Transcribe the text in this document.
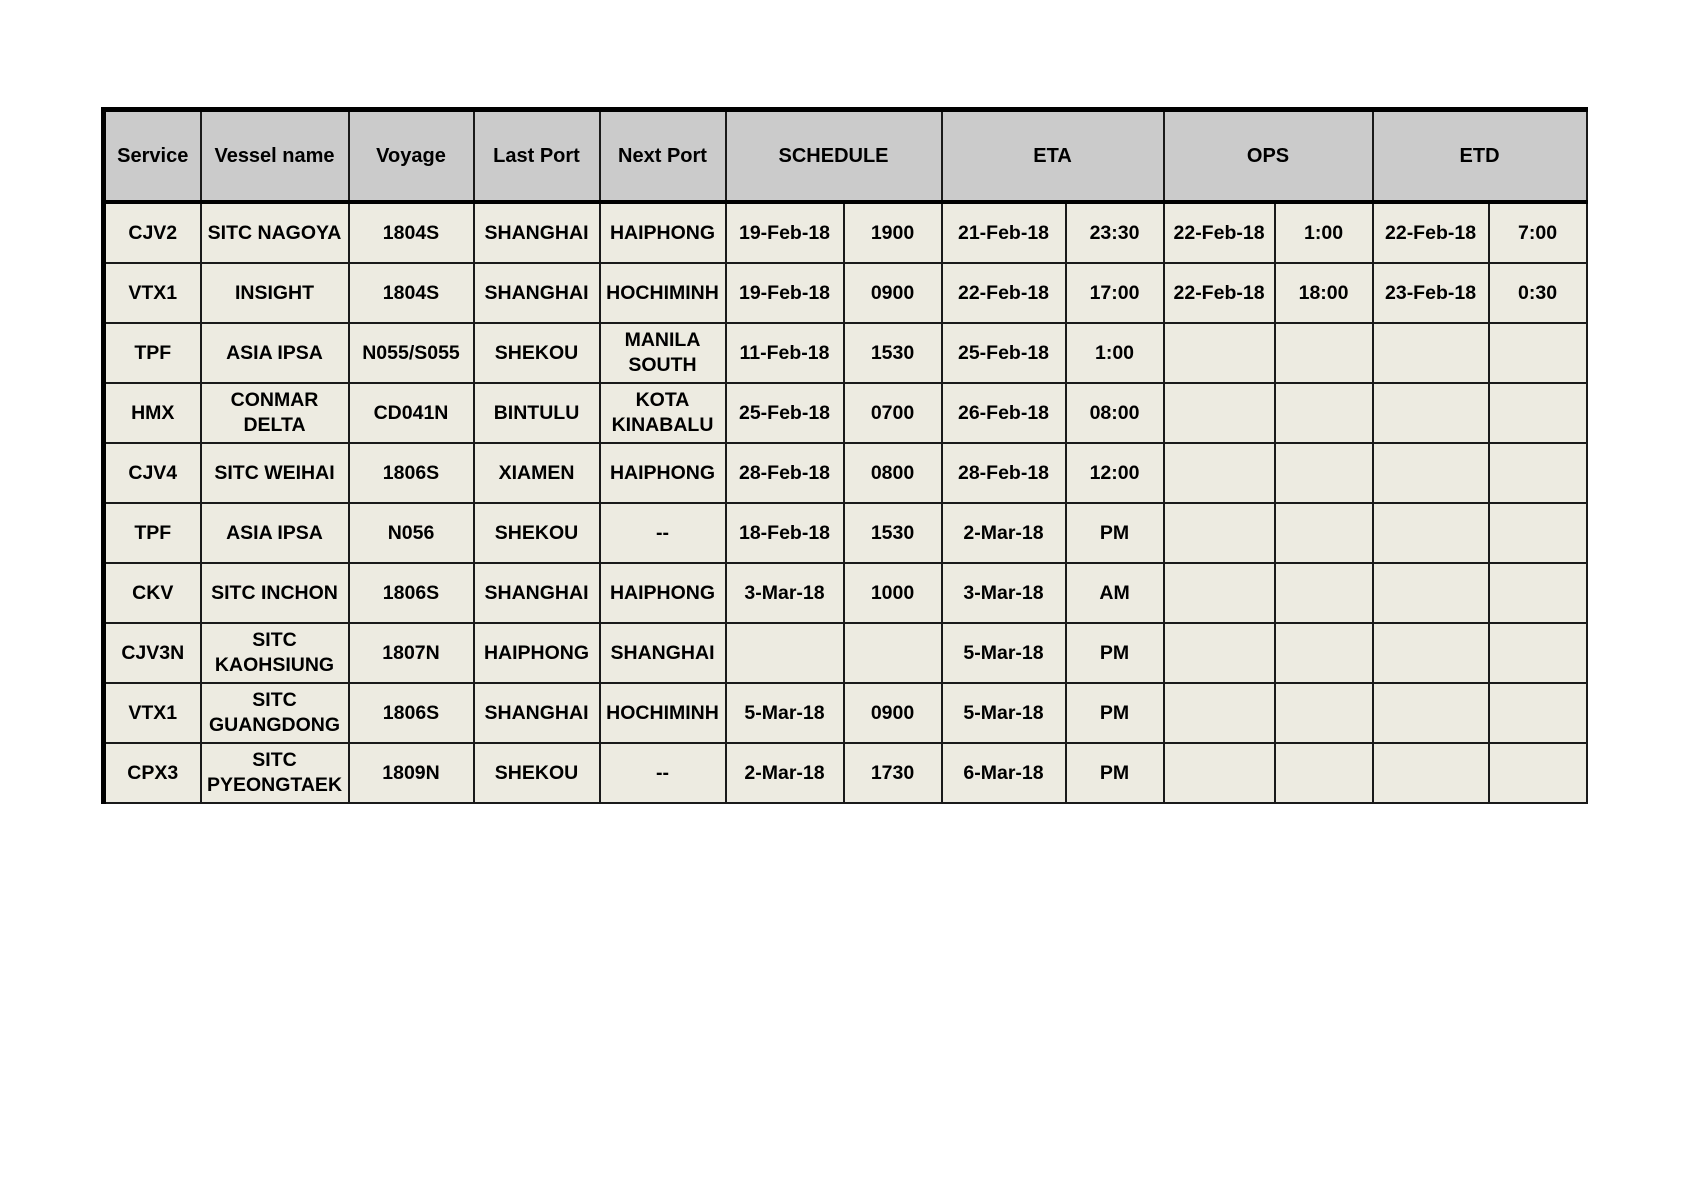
Service	Vessel name	Voyage	Last Port	Next Port	SCHEDULE		ETA		OPS		ETD	
CJV2	SITC NAGOYA	1804S	SHANGHAI	HAIPHONG	19-Feb-18	1900	21-Feb-18	23:30	22-Feb-18	1:00	22-Feb-18	7:00
VTX1	INSIGHT	1804S	SHANGHAI	HOCHIMINH	19-Feb-18	0900	22-Feb-18	17:00	22-Feb-18	18:00	23-Feb-18	0:30
TPF	ASIA IPSA	N055/S055	SHEKOU	MANILA SOUTH	11-Feb-18	1530	25-Feb-18	1:00				
HMX	CONMAR DELTA	CD041N	BINTULU	KOTA KINABALU	25-Feb-18	0700	26-Feb-18	08:00				
CJV4	SITC WEIHAI	1806S	XIAMEN	HAIPHONG	28-Feb-18	0800	28-Feb-18	12:00				
TPF	ASIA IPSA	N056	SHEKOU	--	18-Feb-18	1530	2-Mar-18	PM				
CKV	SITC INCHON	1806S	SHANGHAI	HAIPHONG	3-Mar-18	1000	3-Mar-18	AM				
CJV3N	SITC KAOHSIUNG	1807N	HAIPHONG	SHANGHAI			5-Mar-18	PM				
VTX1	SITC GUANGDONG	1806S	SHANGHAI	HOCHIMINH	5-Mar-18	0900	5-Mar-18	PM				
CPX3	SITC PYEONGTAEK	1809N	SHEKOU	--	2-Mar-18	1730	6-Mar-18	PM				
